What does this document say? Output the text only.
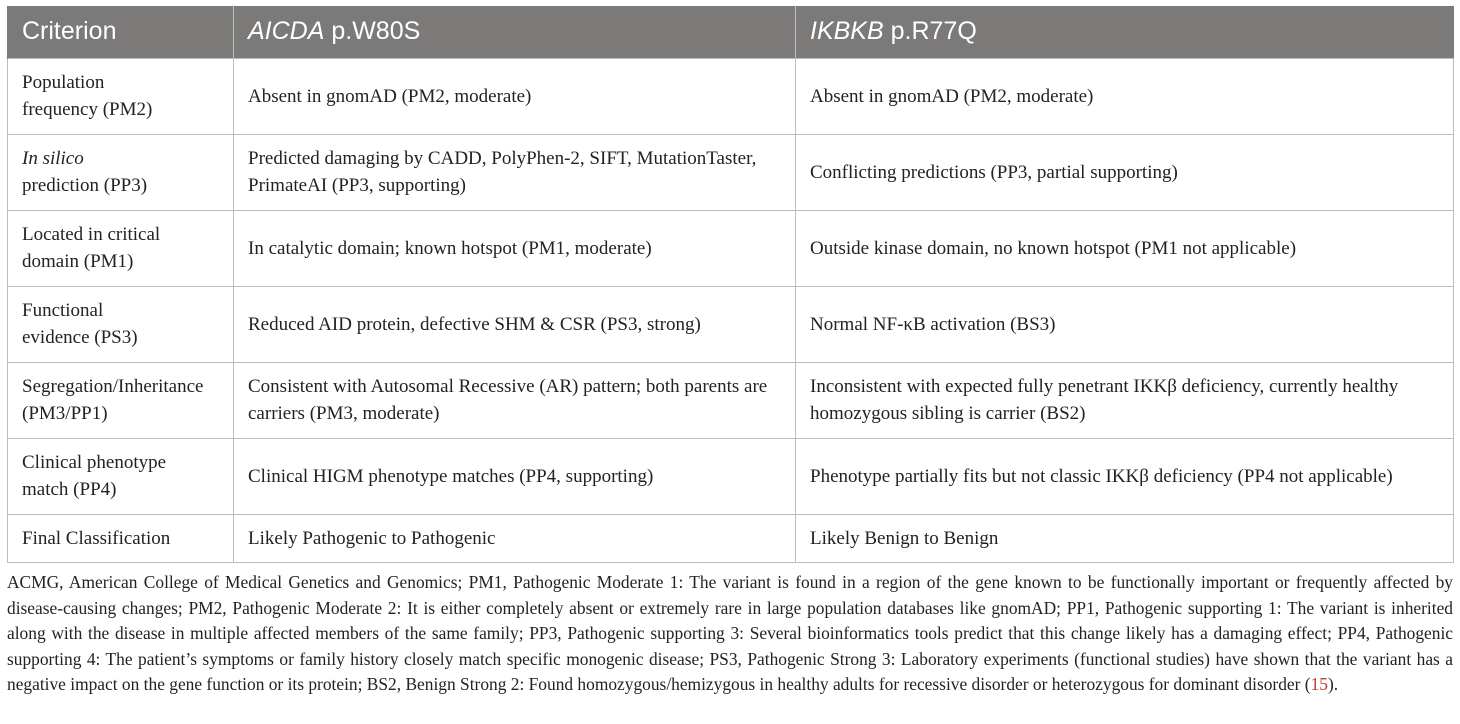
Criterion	AICDA p.W80S	IKBKB p.R77Q
Population
frequency (PM2)	Absent in gnomAD (PM2, moderate)	Absent in gnomAD (PM2, moderate)
In silico
prediction (PP3)	Predicted damaging by CADD, PolyPhen-2, SIFT, MutationTaster, PrimateAI (PP3, supporting)	Conflicting predictions (PP3, partial supporting)
Located in critical
domain (PM1)	In catalytic domain; known hotspot (PM1, moderate)	Outside kinase domain, no known hotspot (PM1 not applicable)
Functional
evidence (PS3)	Reduced AID protein, defective SHM & CSR (PS3, strong)	Normal NF-κB activation (BS3)
Segregation/Inheritance
(PM3/PP1)	Consistent with Autosomal Recessive (AR) pattern; both parents are carriers (PM3, moderate)	Inconsistent with expected fully penetrant IKKβ deficiency, currently healthy homozygous sibling is carrier (BS2)
Clinical phenotype
match (PP4)	Clinical HIGM phenotype matches (PP4, supporting)	Phenotype partially fits but not classic IKKβ deficiency (PP4 not applicable)
Final Classification	Likely Pathogenic to Pathogenic	Likely Benign to Benign
ACMG, American College of Medical Genetics and Genomics; PM1, Pathogenic Moderate 1: The variant is found in a region of the gene known to be functionally important or frequently affected by disease-causing changes; PM2, Pathogenic Moderate 2: It is either completely absent or extremely rare in large population databases like gnomAD; PP1, Pathogenic supporting 1: The variant is inherited along with the disease in multiple affected members of the same family; PP3, Pathogenic supporting 3: Several bioinformatics tools predict that this change likely has a damaging effect; PP4, Pathogenic supporting 4: The patient’s symptoms or family history closely match specific monogenic disease; PS3, Pathogenic Strong 3: Laboratory experiments (functional studies) have shown that the variant has a negative impact on the gene function or its protein; BS2, Benign Strong 2: Found homozygous/hemizygous in healthy adults for recessive disorder or heterozygous for dominant disorder (15).
